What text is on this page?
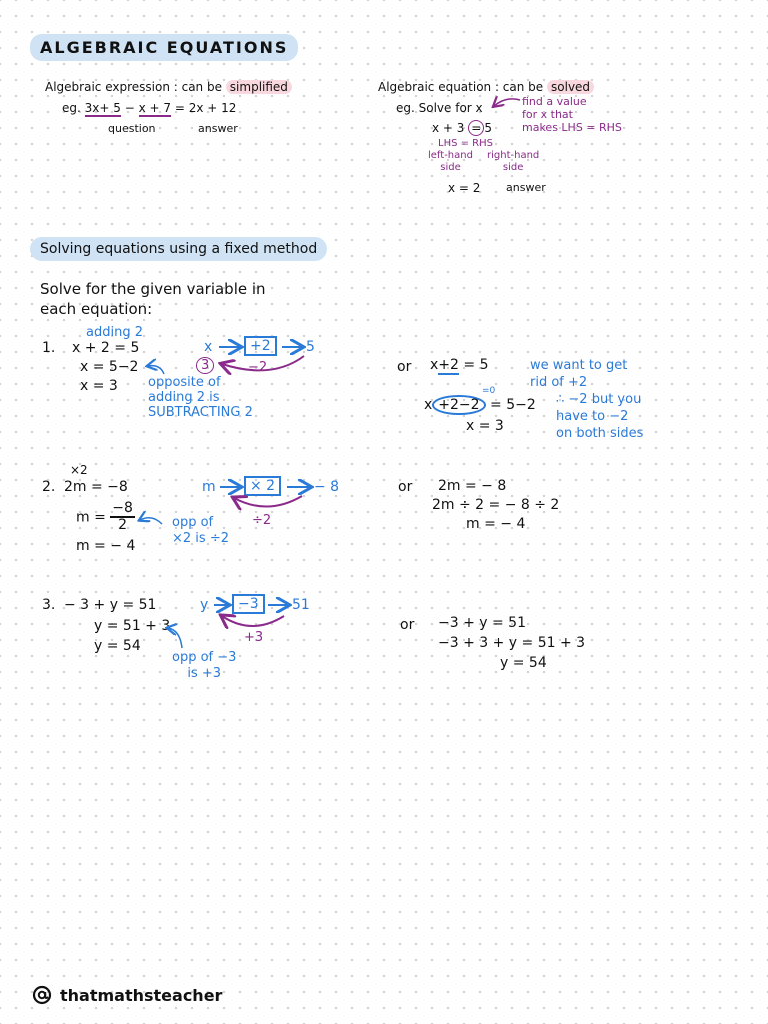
ALGEBRAIC EQUATIONS
Algebraic expression : can be simplified
eg. 3x+ 5 − x + 7 = 2x + 12
question	answer
Algebraic equation : can be solved
eg. Solve for x	find a value
for x that
makes LHS = RHS
x + 3 = 5
LHS = RHS
left-hand
side
right-hand
side
x = 2 answer
Solving equations using a fixed method
Solve for the given variable in
each equation:
adding 2
1. x + 2 = 5
x = 5−2
x = 3
x	+2	5
3	−2
opposite of
adding 2 is
SUBTRACTING 2
or x+2 = 5
=0
x +2−2 = 5−2
x = 3
we want to get
rid of +2
∴ −2 but you
have to −2
on both sides
×2
2. 2m = −8
$m = \frac{-8}{2}$
m = − 4
m	× 2	− 8
÷2
opp of
×2 is ÷2
or 2m = − 8
2m ÷ 2 = − 8 ÷ 2
m = − 4
3. − 3 + y = 51
y = 51 + 3
y = 54
y	−3	51
+3
opp of −3
is +3
or −3 + y = 51
−3 + 3 + y = 51 + 3
y = 54
thatmathsteacher
